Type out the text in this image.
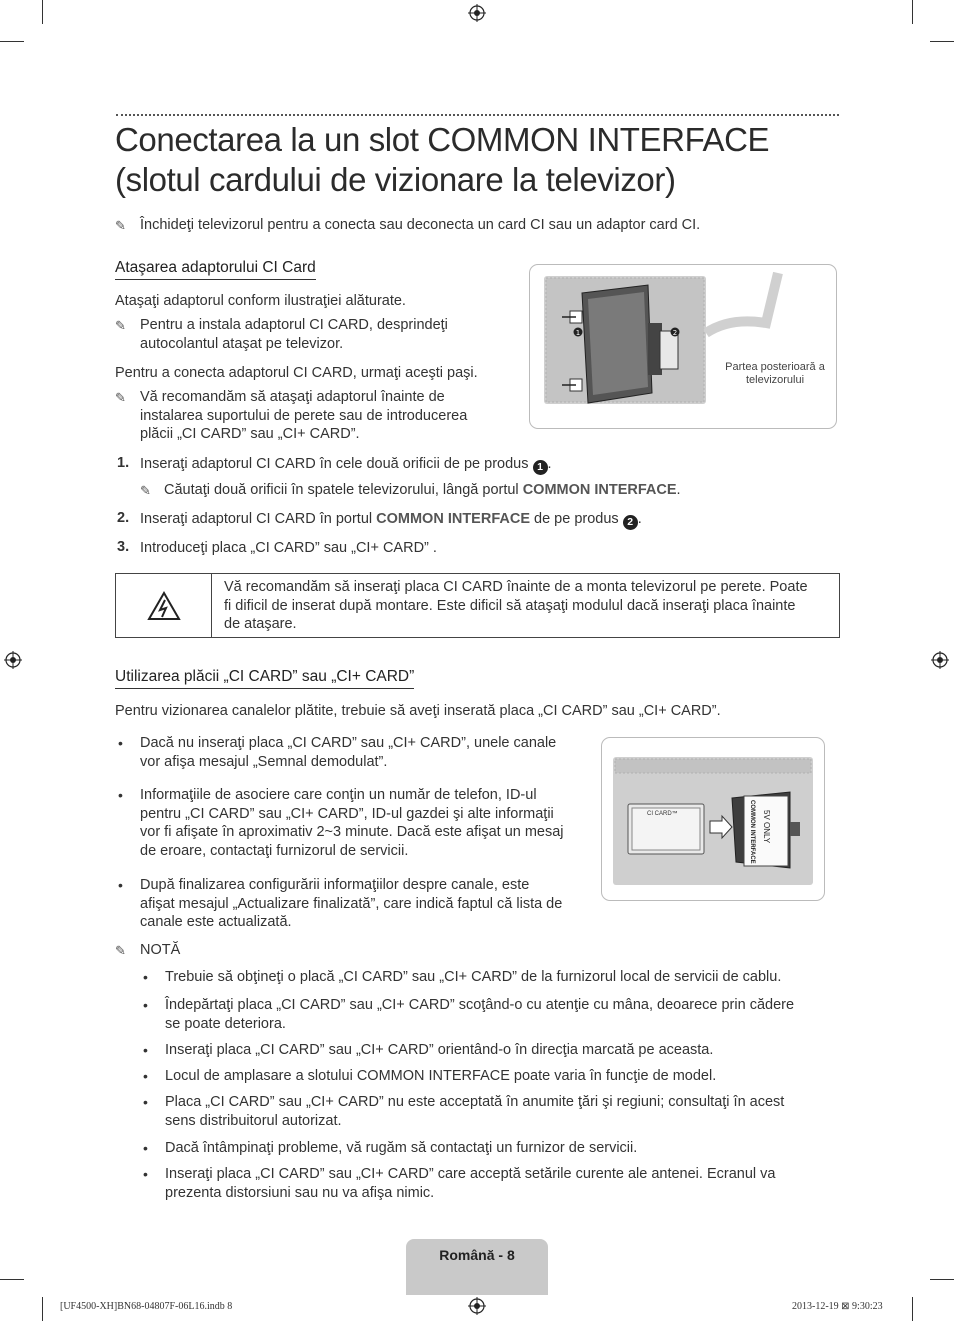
Conectarea la un slot COMMON INTERFACE
(slotul cardului de vizionare la televizor)
✎ Închideţi televizorul pentru a conecta sau deconecta un card CI sau un adaptor card CI.
Ataşarea adaptorului CI Card
Ataşaţi adaptorul conform ilustraţiei alăturate.
✎ Pentru a instala adaptorul CI CARD, desprindeţi
autocolantul ataşat pe televizor.
Pentru a conecta adaptorul CI CARD, urmaţi aceşti paşi.
✎ Vă recomandăm să ataşaţi adaptorul înainte de
instalarea suportului de perete sau de introducerea
plăcii „CI CARD” sau „CI+ CARD”.
1	2
Partea posterioară a
televizorului
1. Inseraţi adaptorul CI CARD în cele două orificii de pe produs 1 .
✎ Căutaţi două orificii în spatele televizorului, lângă portul COMMON INTERFACE.
2. Inseraţi adaptorul CI CARD în portul COMMON INTERFACE de pe produs 2 .
3. Introduceţi placa „CI CARD” sau „CI+ CARD” .
Vă recomandăm să inseraţi placa CI CARD înainte de a monta televizorul pe perete. Poate
fi dificil de inserat după montare. Este dificil să ataşaţi modulul dacă inseraţi placa înainte
de ataşare.
Utilizarea plăcii „CI CARD” sau „CI+ CARD”
Pentru vizionarea canalelor plătite, trebuie să aveţi inserată placa „CI CARD” sau „CI+ CARD”.
• Dacă nu inseraţi placa „CI CARD” sau „CI+ CARD”, unele canale
vor afişa mesajul „Semnal demodulat”.
• Informaţiile de asociere care conţin un număr de telefon, ID-ul
pentru „CI CARD” sau „CI+ CARD”, ID-ul gazdei şi alte informaţii
vor fi afişate în aproximativ 2~3 minute. Dacă este afişat un mesaj
de eroare, contactaţi furnizorul de servicii.
• După finalizarea configurării informaţiilor despre canale, este
afişat mesajul „Actualizare finalizată”, care indică faptul că lista de
canale este actualizată.
CI CARD™	COMMON INTERFACE 5V ONLY
✎ NOTĂ
• Trebuie să obţineţi o placă „CI CARD” sau „CI+ CARD” de la furnizorul local de servicii de cablu.
• Îndepărtaţi placa „CI CARD” sau „CI+ CARD” scoţând-o cu atenţie cu mâna, deoarece prin cădere
se poate deteriora.
• Inseraţi placa „CI CARD” sau „CI+ CARD” orientând-o în direcţia marcată pe aceasta.
• Locul de amplasare a slotului COMMON INTERFACE poate varia în funcţie de model.
• Placa „CI CARD” sau „CI+ CARD” nu este acceptată în anumite ţări şi regiuni; consultaţi în acest
sens distribuitorul autorizat.
• Dacă întâmpinaţi probleme, vă rugăm să contactaţi un furnizor de servicii.
• Inseraţi placa „CI CARD” sau „CI+ CARD” care acceptă setările curente ale antenei. Ecranul va
prezenta distorsiuni sau nu va afişa nimic.
Română - 8
[UF4500-XH]BN68-04807F-06L16.indb 8	2013-12-19 ⊠ 9:30:23
